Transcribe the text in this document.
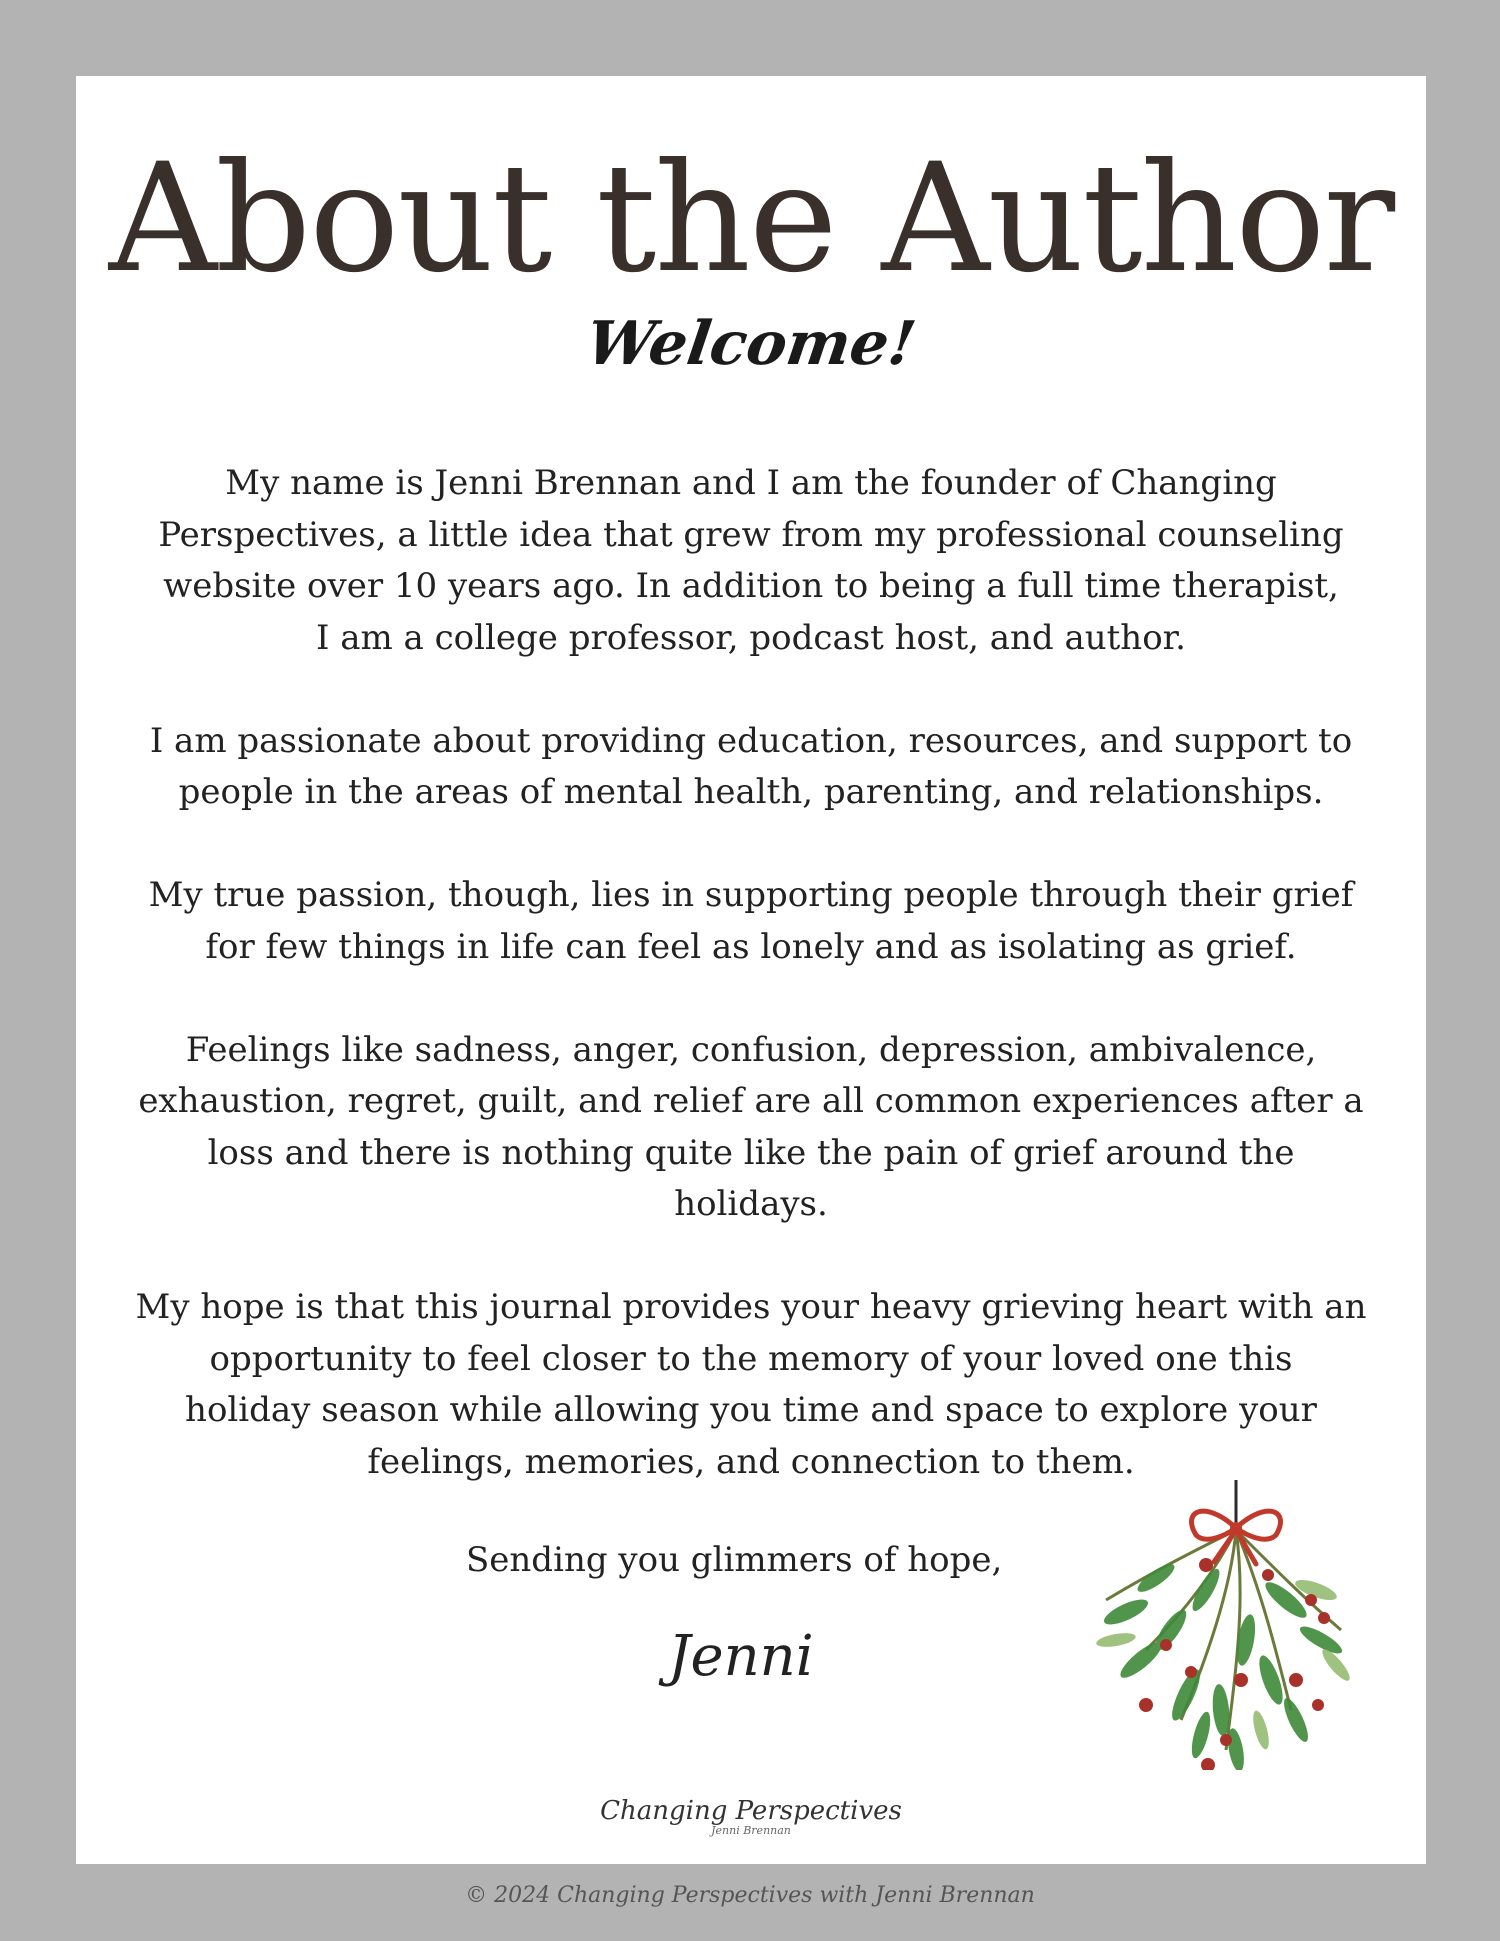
About the Author
Welcome!

My name is Jenni Brennan and I am the founder of Changing
Perspectives, a little idea that grew from my professional counseling
website over 10 years ago. In addition to being a full time therapist,
I am a college professor, podcast host, and author.

I am passionate about providing education, resources, and support to
people in the areas of mental health, parenting, and relationships.

My true passion, though, lies in supporting people through their grief
for few things in life can feel as lonely and as isolating as grief.

Feelings like sadness, anger, confusion, depression, ambivalence,
exhaustion, regret, guilt, and relief are all common experiences after a
loss and there is nothing quite like the pain of grief around the
holidays.

My hope is that this journal provides your heavy grieving heart with an
opportunity to feel closer to the memory of your loved one this
holiday season while allowing you time and space to explore your
feelings, memories, and connection to them.

Sending you glimmers of hope,
Jenni
Changing Perspectives
Jenni Brennan
© 2024 Changing Perspectives with Jenni Brennan
